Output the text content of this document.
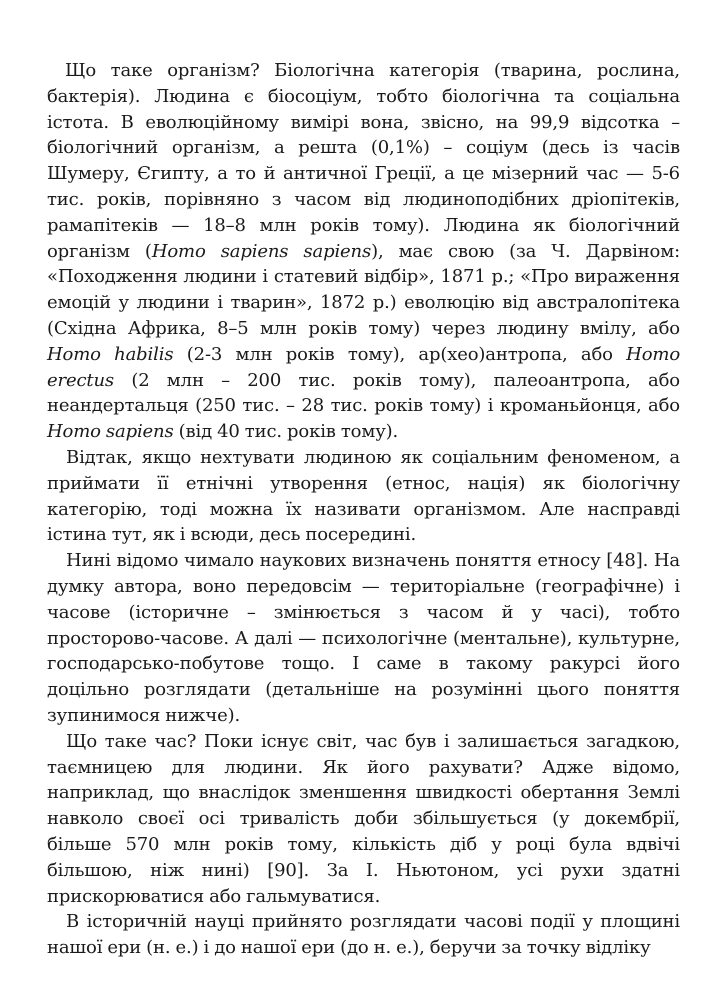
Що таке організм? Біологічна категорія (тварина, рослина, бактерія). Людина є біосоціум, тобто біологічна та соціальна істота. В еволюційному вимірі вона, звісно, на 99,9 відсотка – біологічний організм, а решта (0,1%) – соціум (десь із часів Шумеру, Єгипту, а то й античної Греції, а це мізерний час — 5-6 тис. років, порівняно з часом від людиноподібних дріопітеків, рамапітеків — 18–8 млн років тому). Людина як біологічний організм (Homo sapiens sapiens), має свою (за Ч. Дарвіном: «Походження людини і статевий відбір», 1871 р.; «Про вираження емоцій у людини і тварин», 1872 р.) еволюцію від австралопітека (Східна Африка, 8–5 млн років тому) через людину вмілу, або Homo habilis (2-3 млн років тому), ар(хео)антропа, або Homo erectus (2 млн – 200 тис. років тому), палеоантропа, або неандертальця (250 тис. – 28 тис. років тому) і кроманьйонця, або Homo sapiens (від 40 тис. років тому).

Відтак, якщо нехтувати людиною як соціальним феноменом, а приймати її етнічні утворення (етнос, нація) як біологічну категорію, тоді можна їх називати організмом. Але насправді істина тут, як і всюди, десь посередині.

Нині відомо чимало наукових визначень поняття етносу [48]. На думку автора, воно передовсім — територіальне (географічне) і часове (історичне – змінюється з часом й у часі), тобто просторово-часове. А далі — психологічне (ментальне), культурне, господарсько-побутове тощо. І саме в такому ракурсі його доцільно розглядати (детальніше на розумінні цього поняття зупинимося нижче).

Що таке час? Поки існує світ, час був і залишається загадкою, таємницею для людини. Як його рахувати? Адже відомо, наприклад, що внаслідок зменшення швидкості обертання Землі навколо своєї осі тривалість доби збільшується (у докембрії, більше 570 млн років тому, кількість діб у році була вдвічі більшою, ніж нині) [90]. За І. Ньютоном, усі рухи здатні прискорюватися або гальмуватися.

В історичній науці прийнято розглядати часові події у площині нашої ери (н. е.) і до нашої ери (до н. е.), беручи за точку відліку
